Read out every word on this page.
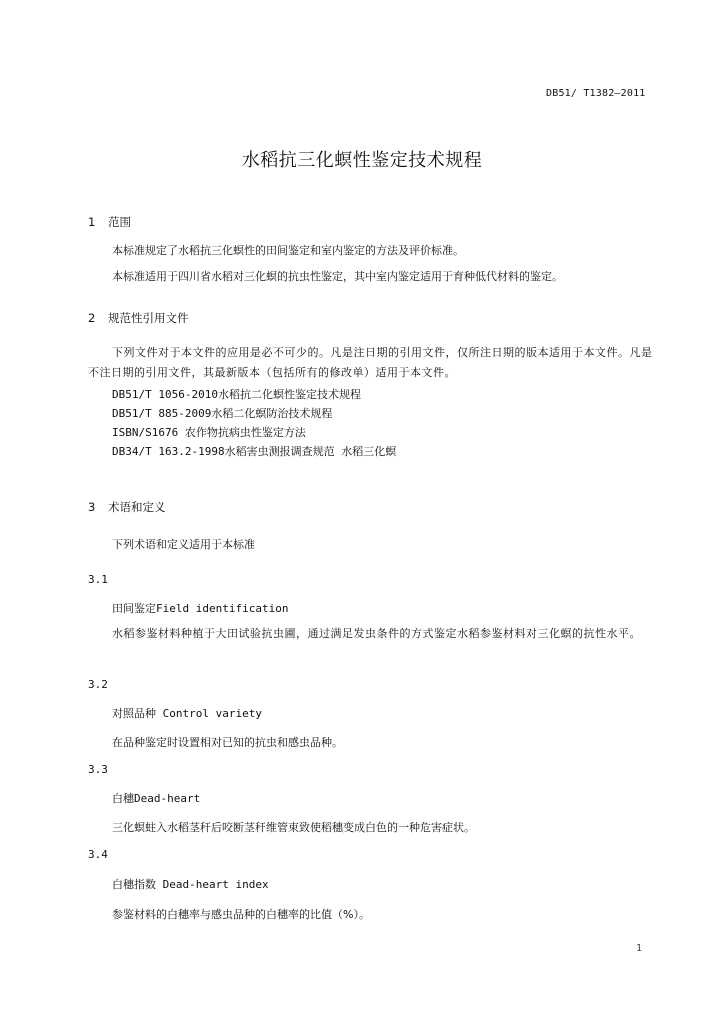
DB51/ T1382—2011
水稻抗三化螟性鉴定技术规程
1 范围
本标准规定了水稻抗三化螟性的田间鉴定和室内鉴定的方法及评价标准。
本标准适用于四川省水稻对三化螟的抗虫性鉴定，其中室内鉴定适用于育种低代材料的鉴定。
2 规范性引用文件
下列文件对于本文件的应用是必不可少的。凡是注日期的引用文件，仅所注日期的版本适用于本文件。凡是不注日期的引用文件，其最新版本（包括所有的修改单）适用于本文件。
DB51/T 1056-2010水稻抗二化螟性鉴定技术规程
DB51/T 885-2009水稻二化螟防治技术规程
ISBN/S1676 农作物抗病虫性鉴定方法
DB34/T 163.2-1998水稻害虫测报调查规范 水稻三化螟
3 术语和定义
下列术语和定义适用于本标准
3.1
田间鉴定Field identification
水稻参鉴材料种植于大田试验抗虫圃，通过满足发虫条件的方式鉴定水稻参鉴材料对三化螟的抗性水平。
3.2
对照品种 Control variety
在品种鉴定时设置相对已知的抗虫和感虫品种。
3.3
白穗Dead-heart
三化螟蛀入水稻茎秆后咬断茎秆维管束致使稻穗变成白色的一种危害症状。
3.4
白穗指数 Dead-heart index
参鉴材料的白穗率与感虫品种的白穗率的比值（%）。
1
